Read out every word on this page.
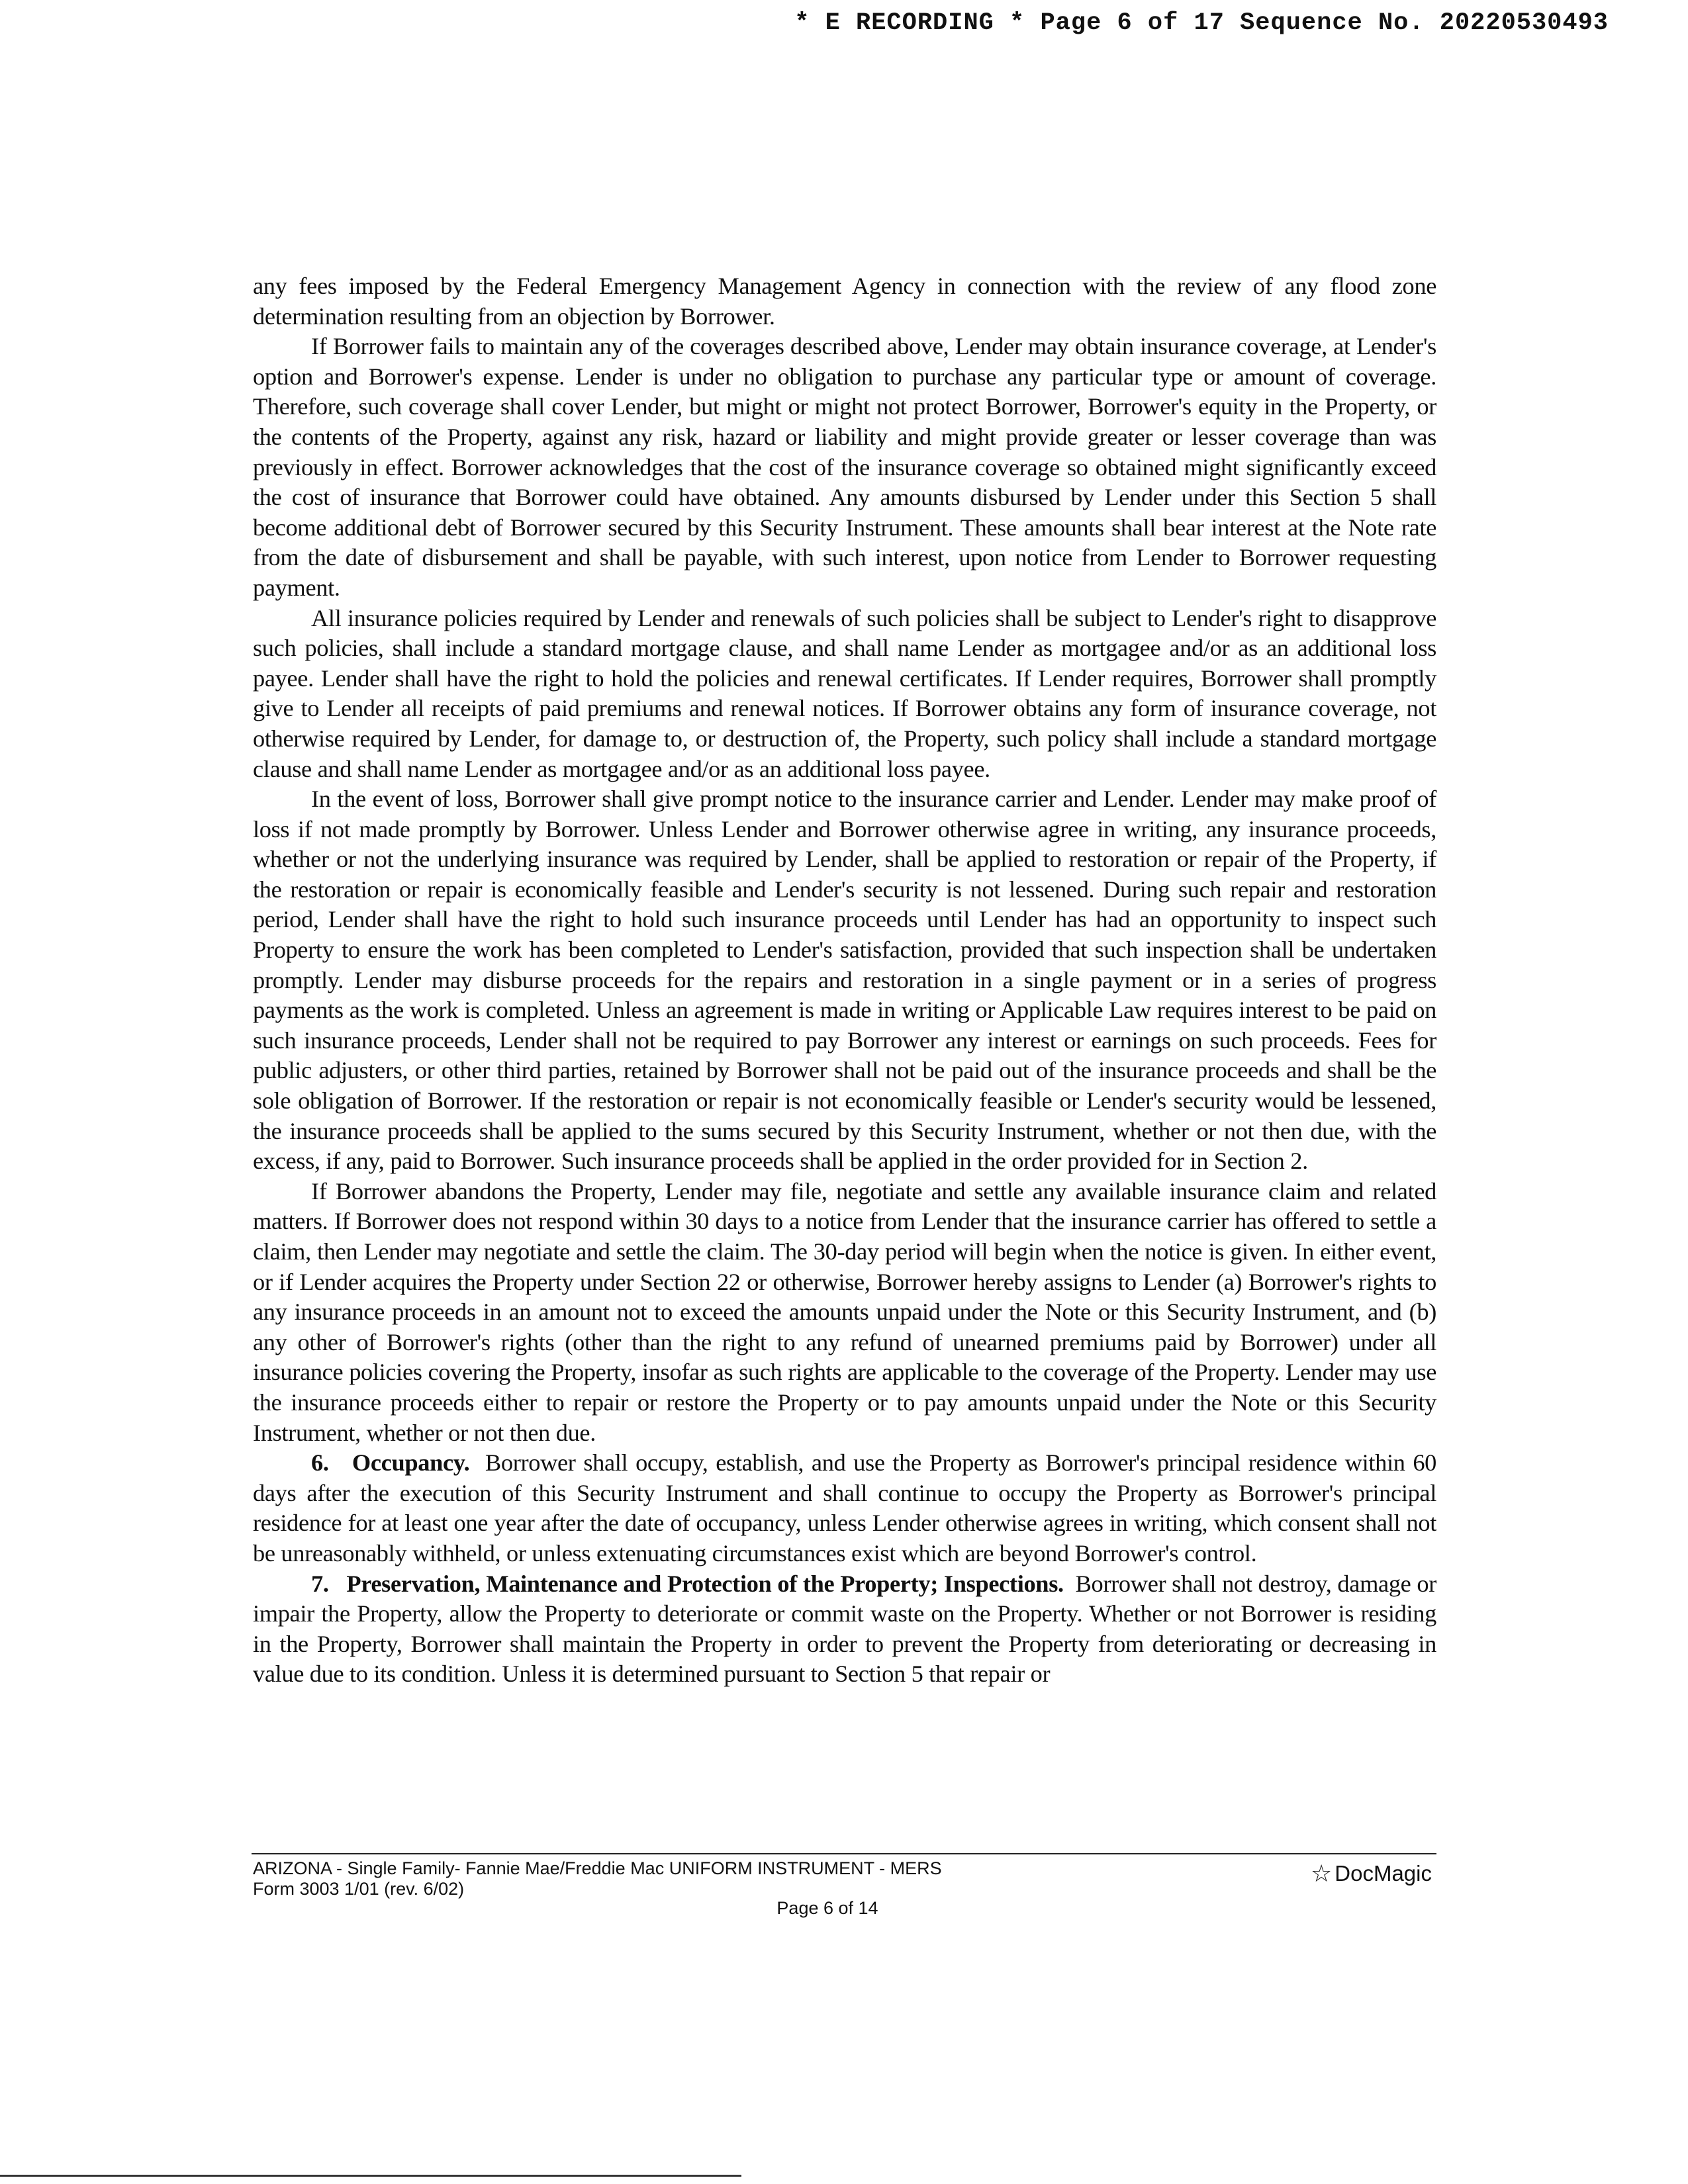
* E RECORDING * Page 6 of 17 Sequence No. 20220530493

any fees imposed by the Federal Emergency Management Agency in connection with the review of any flood zone determination resulting from an objection by Borrower.

If Borrower fails to maintain any of the coverages described above, Lender may obtain insurance coverage, at Lender's option and Borrower's expense. Lender is under no obligation to purchase any particular type or amount of coverage. Therefore, such coverage shall cover Lender, but might or might not protect Borrower, Borrower's equity in the Property, or the contents of the Property, against any risk, hazard or liability and might provide greater or lesser coverage than was previously in effect. Borrower acknowledges that the cost of the insurance coverage so obtained might significantly exceed the cost of insurance that Borrower could have obtained. Any amounts disbursed by Lender under this Section 5 shall become additional debt of Borrower secured by this Security Instrument. These amounts shall bear interest at the Note rate from the date of disbursement and shall be payable, with such interest, upon notice from Lender to Borrower requesting payment.

All insurance policies required by Lender and renewals of such policies shall be subject to Lender's right to disapprove such policies, shall include a standard mortgage clause, and shall name Lender as mortgagee and/or as an additional loss payee. Lender shall have the right to hold the policies and renewal certificates. If Lender requires, Borrower shall promptly give to Lender all receipts of paid premiums and renewal notices. If Borrower obtains any form of insurance coverage, not otherwise required by Lender, for damage to, or destruction of, the Property, such policy shall include a standard mortgage clause and shall name Lender as mortgagee and/or as an additional loss payee.

In the event of loss, Borrower shall give prompt notice to the insurance carrier and Lender. Lender may make proof of loss if not made promptly by Borrower. Unless Lender and Borrower otherwise agree in writing, any insurance proceeds, whether or not the underlying insurance was required by Lender, shall be applied to restoration or repair of the Property, if the restoration or repair is economically feasible and Lender's security is not lessened. During such repair and restoration period, Lender shall have the right to hold such insurance proceeds until Lender has had an opportunity to inspect such Property to ensure the work has been completed to Lender's satisfaction, provided that such inspection shall be undertaken promptly. Lender may disburse proceeds for the repairs and restoration in a single payment or in a series of progress payments as the work is completed. Unless an agreement is made in writing or Applicable Law requires interest to be paid on such insurance proceeds, Lender shall not be required to pay Borrower any interest or earnings on such proceeds. Fees for public adjusters, or other third parties, retained by Borrower shall not be paid out of the insurance proceeds and shall be the sole obligation of Borrower. If the restoration or repair is not economically feasible or Lender's security would be lessened, the insurance proceeds shall be applied to the sums secured by this Security Instrument, whether or not then due, with the excess, if any, paid to Borrower. Such insurance proceeds shall be applied in the order provided for in Section 2.

If Borrower abandons the Property, Lender may file, negotiate and settle any available insurance claim and related matters. If Borrower does not respond within 30 days to a notice from Lender that the insurance carrier has offered to settle a claim, then Lender may negotiate and settle the claim. The 30-day period will begin when the notice is given. In either event, or if Lender acquires the Property under Section 22 or otherwise, Borrower hereby assigns to Lender (a) Borrower's rights to any insurance proceeds in an amount not to exceed the amounts unpaid under the Note or this Security Instrument, and (b) any other of Borrower's rights (other than the right to any refund of unearned premiums paid by Borrower) under all insurance policies covering the Property, insofar as such rights are applicable to the coverage of the Property. Lender may use the insurance proceeds either to repair or restore the Property or to pay amounts unpaid under the Note or this Security Instrument, whether or not then due.

6. Occupancy. Borrower shall occupy, establish, and use the Property as Borrower's principal residence within 60 days after the execution of this Security Instrument and shall continue to occupy the Property as Borrower's principal residence for at least one year after the date of occupancy, unless Lender otherwise agrees in writing, which consent shall not be unreasonably withheld, or unless extenuating circumstances exist which are beyond Borrower's control.

7. Preservation, Maintenance and Protection of the Property; Inspections. Borrower shall not destroy, damage or impair the Property, allow the Property to deteriorate or commit waste on the Property. Whether or not Borrower is residing in the Property, Borrower shall maintain the Property in order to prevent the Property from deteriorating or decreasing in value due to its condition. Unless it is determined pursuant to Section 5 that repair or

ARIZONA - Single Family- Fannie Mae/Freddie Mac UNIFORM INSTRUMENT - MERS
Form 3003 1/01 (rev. 6/02)
☆ DocMagic
Page 6 of 14
